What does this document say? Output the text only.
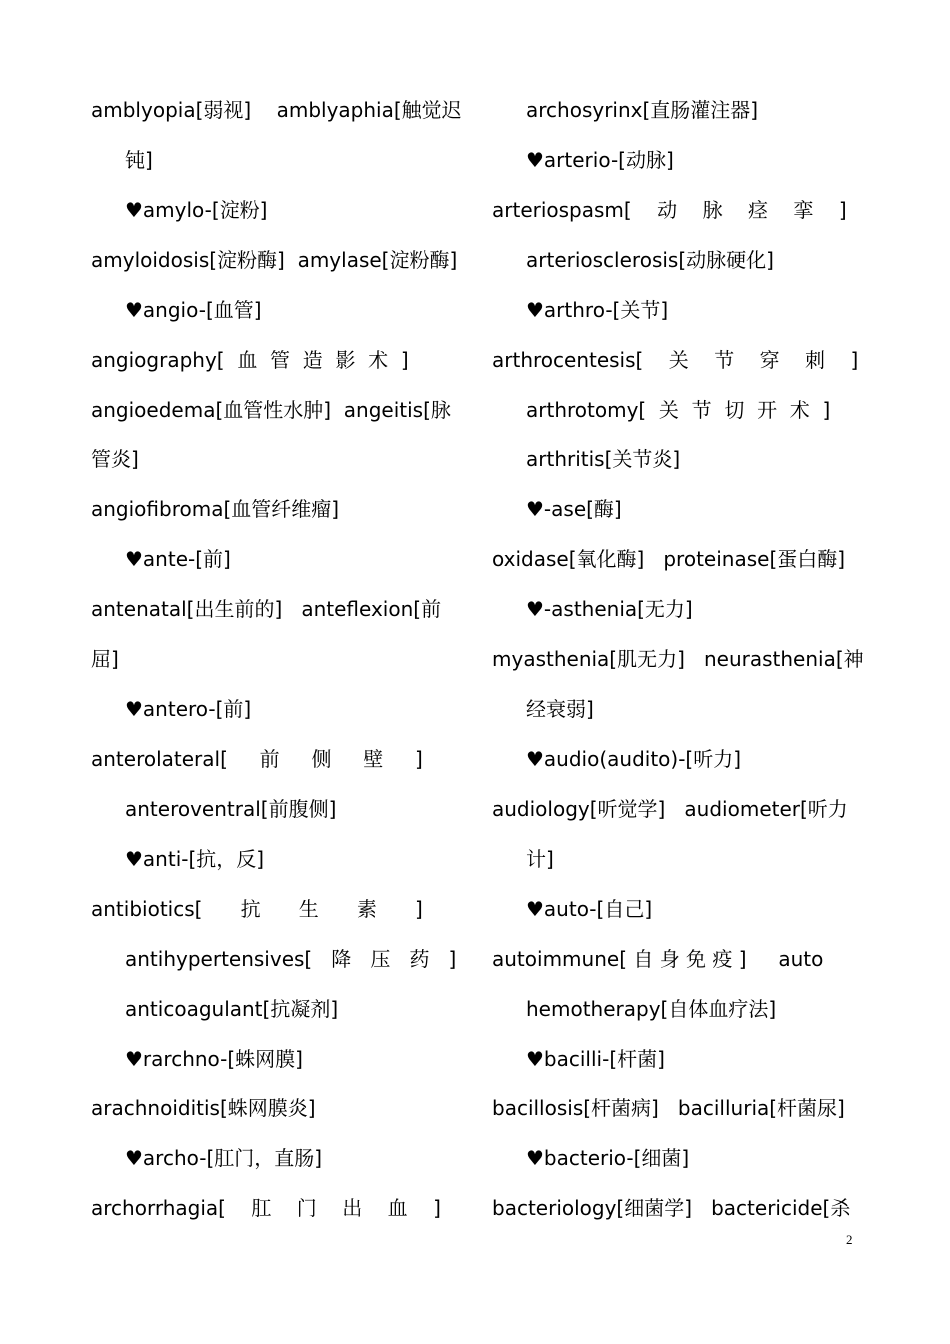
amblyopia[弱视]    amblyaphia[触觉迟
钝]
♥amylo-[淀粉]
amyloidosis[淀粉酶]  amylase[淀粉酶]
♥angio-[血管]
angiography[  血  管  造  影  术  ]
angioedema[血管性水肿]  angeitis[脉
管炎]
angiofibroma[血管纤维瘤]
♥ante-[前]
antenatal[出生前的]   anteflexion[前
屈]
♥antero-[前]
anterolateral[     前     侧     壁     ]
anteroventral[前腹侧]
♥anti-[抗，反]
antibiotics[      抗      生      素      ]
antihypertensives[   降   压   药   ]
anticoagulant[抗凝剂]
♥rarchno-[蛛网膜]
arachnoiditis[蛛网膜炎]
♥archo-[肛门，直肠]
archorrhagia[    肛    门    出    血    ]
archosyrinx[直肠灌注器]
♥arterio-[动脉]
arteriospasm[    动    脉    痉    挛    ]
arteriosclerosis[动脉硬化]
♥arthro-[关节]
arthrocentesis[    关    节    穿    刺    ]
arthrotomy[  关  节  切  开  术  ]
arthritis[关节炎]
♥-ase[酶]
oxidase[氧化酶]   proteinase[蛋白酶]
♥-asthenia[无力]
myasthenia[肌无力]   neurasthenia[神
经衰弱]
♥audio(audito)-[听力]
audiology[听觉学]   audiometer[听力
计]
♥auto-[自己]
autoimmune[ 自 身 免 疫 ]     auto
hemotherapy[自体血疗法]
♥bacilli-[杆菌]
bacillosis[杆菌病]   bacilluria[杆菌尿]
♥bacterio-[细菌]
bacteriology[细菌学]   bactericide[杀
2
